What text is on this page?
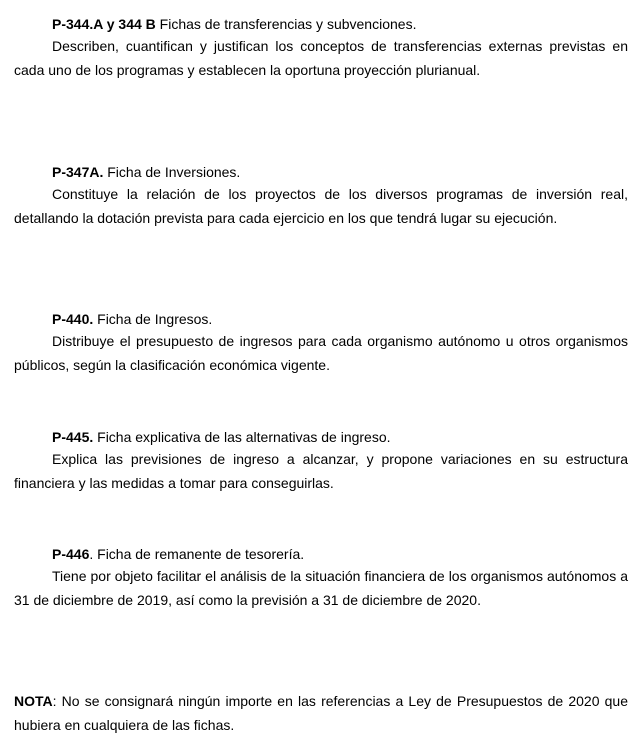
P-344.A y 344 B Fichas de transferencias y subvenciones.

Describen, cuantifican y justifican los conceptos de transferencias externas previstas en cada uno de los programas y establecen la oportuna proyección plurianual.

P-347A. Ficha de Inversiones.

Constituye la relación de los proyectos de los diversos programas de inversión real, detallando la dotación prevista para cada ejercicio en los que tendrá lugar su ejecución.

P-440. Ficha de Ingresos.

Distribuye el presupuesto de ingresos para cada organismo autónomo u otros organismos públicos, según la clasificación económica vigente.

P-445. Ficha explicativa de las alternativas de ingreso.

Explica las previsiones de ingreso a alcanzar, y propone variaciones en su estructura financiera y las medidas a tomar para conseguirlas.

P-446. Ficha de remanente de tesorería.

Tiene por objeto facilitar el análisis de la situación financiera de los organismos autónomos a 31 de diciembre de 2019, así como la previsión a 31 de diciembre de 2020.

NOTA: No se consignará ningún importe en las referencias a Ley de Presupuestos de 2020 que hubiera en cualquiera de las fichas.
